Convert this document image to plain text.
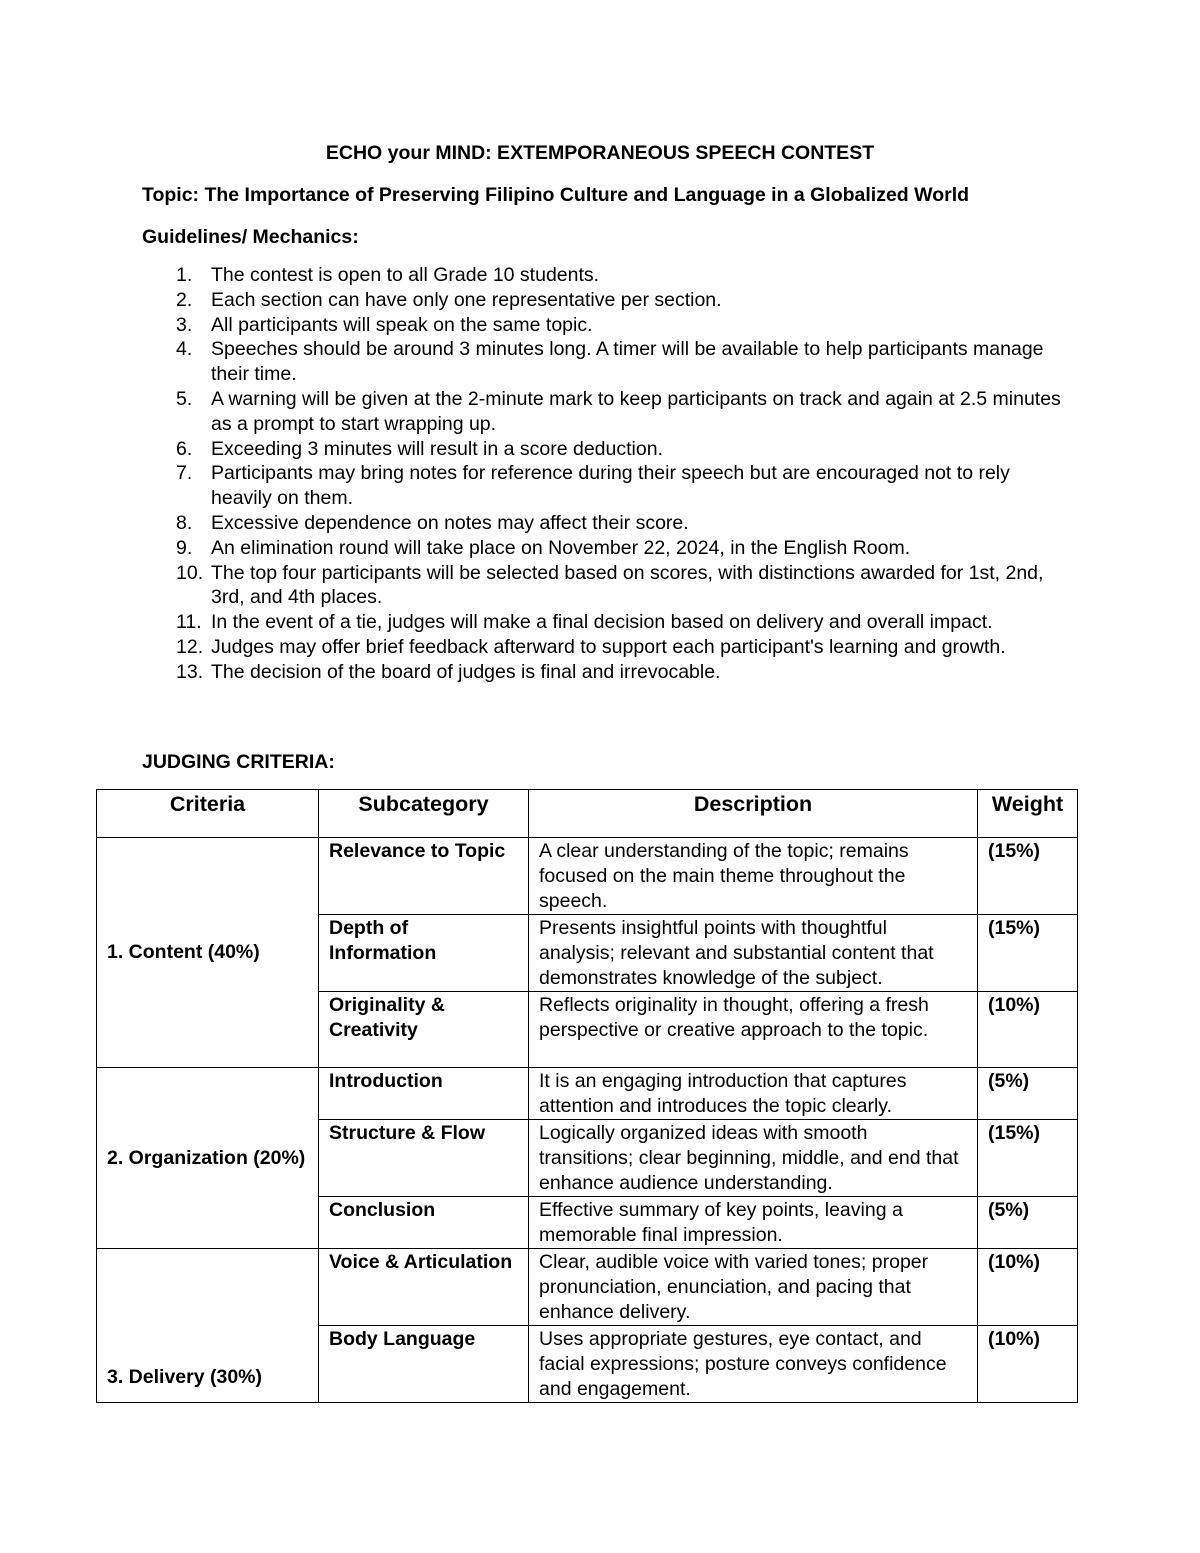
ECHO your MIND: EXTEMPORANEOUS SPEECH CONTEST
Topic: The Importance of Preserving Filipino Culture and Language in a Globalized World
Guidelines/ Mechanics:
1. The contest is open to all Grade 10 students.
2. Each section can have only one representative per section.
3. All participants will speak on the same topic.
4. Speeches should be around 3 minutes long. A timer will be available to help participants manage their time.
5. A warning will be given at the 2-minute mark to keep participants on track and again at 2.5 minutes as a prompt to start wrapping up.
6. Exceeding 3 minutes will result in a score deduction.
7. Participants may bring notes for reference during their speech but are encouraged not to rely heavily on them.
8. Excessive dependence on notes may affect their score.
9. An elimination round will take place on November 22, 2024, in the English Room.
10. The top four participants will be selected based on scores, with distinctions awarded for 1st, 2nd, 3rd, and 4th places.
11. In the event of a tie, judges will make a final decision based on delivery and overall impact.
12. Judges may offer brief feedback afterward to support each participant's learning and growth.
13. The decision of the board of judges is final and irrevocable.
JUDGING CRITERIA:
Criteria	Subcategory	Description	Weight
1. Content (40%)	Relevance to Topic	A clear understanding of the topic; remains focused on the main theme throughout the speech.	(15%)
	Depth of Information	Presents insightful points with thoughtful analysis; relevant and substantial content that demonstrates knowledge of the subject.	(15%)
	Originality & Creativity	Reflects originality in thought, offering a fresh perspective or creative approach to the topic.	(10%)
2. Organization (20%)	Introduction	It is an engaging introduction that captures attention and introduces the topic clearly.	(5%)
	Structure & Flow	Logically organized ideas with smooth transitions; clear beginning, middle, and end that enhance audience understanding.	(15%)
	Conclusion	Effective summary of key points, leaving a memorable final impression.	(5%)
3. Delivery (30%)	Voice & Articulation	Clear, audible voice with varied tones; proper pronunciation, enunciation, and pacing that enhance delivery.	(10%)
	Body Language	Uses appropriate gestures, eye contact, and facial expressions; posture conveys confidence and engagement.	(10%)
